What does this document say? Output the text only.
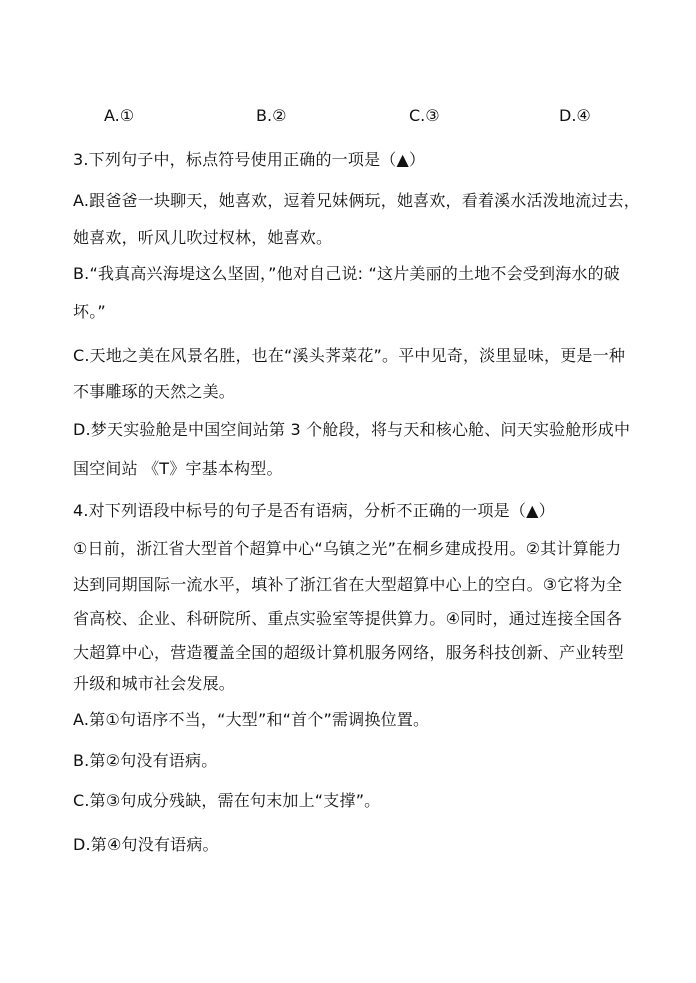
A.①	B.②	C.③	D.④
3.下列句子中，标点符号使用正确的一项是（▲）
A.跟爸爸一块聊天，她喜欢，逗着兄妹俩玩，她喜欢，看着溪水活泼地流过去，
她喜欢，听风儿吹过杈林，她喜欢。
B.“我真高兴海堤这么坚固，”他对自己说: “这片美丽的土地不会受到海水的破
坏。”
C.天地之美在风景名胜，也在“溪头荠菜花”。平中见奇，淡里显味，更是一种
不事雕琢的天然之美。
D.梦天实验舱是中国空间站第 3 个舱段，将与天和核心舱、问天实验舱形成中
国空间站 《T》宇基本构型。
4.对下列语段中标号的句子是否有语病，分析不正确的一项是（▲）
①日前，浙江省大型首个超算中心“乌镇之光”在桐乡建成投用。②其计算能力
达到同期国际一流水平，填补了浙江省在大型超算中心上的空白。③它将为全
省高校、企业、科研院所、重点实验室等提供算力。④同时，通过连接全国各
大超算中心，营造覆盖全国的超级计算机服务网络，服务科技创新、产业转型
升级和城市社会发展。
A.第①句语序不当，“大型”和“首个”需调换位置。
B.第②句没有语病。
C.第③句成分残缺，需在句末加上“支撑”。
D.第④句没有语病。
